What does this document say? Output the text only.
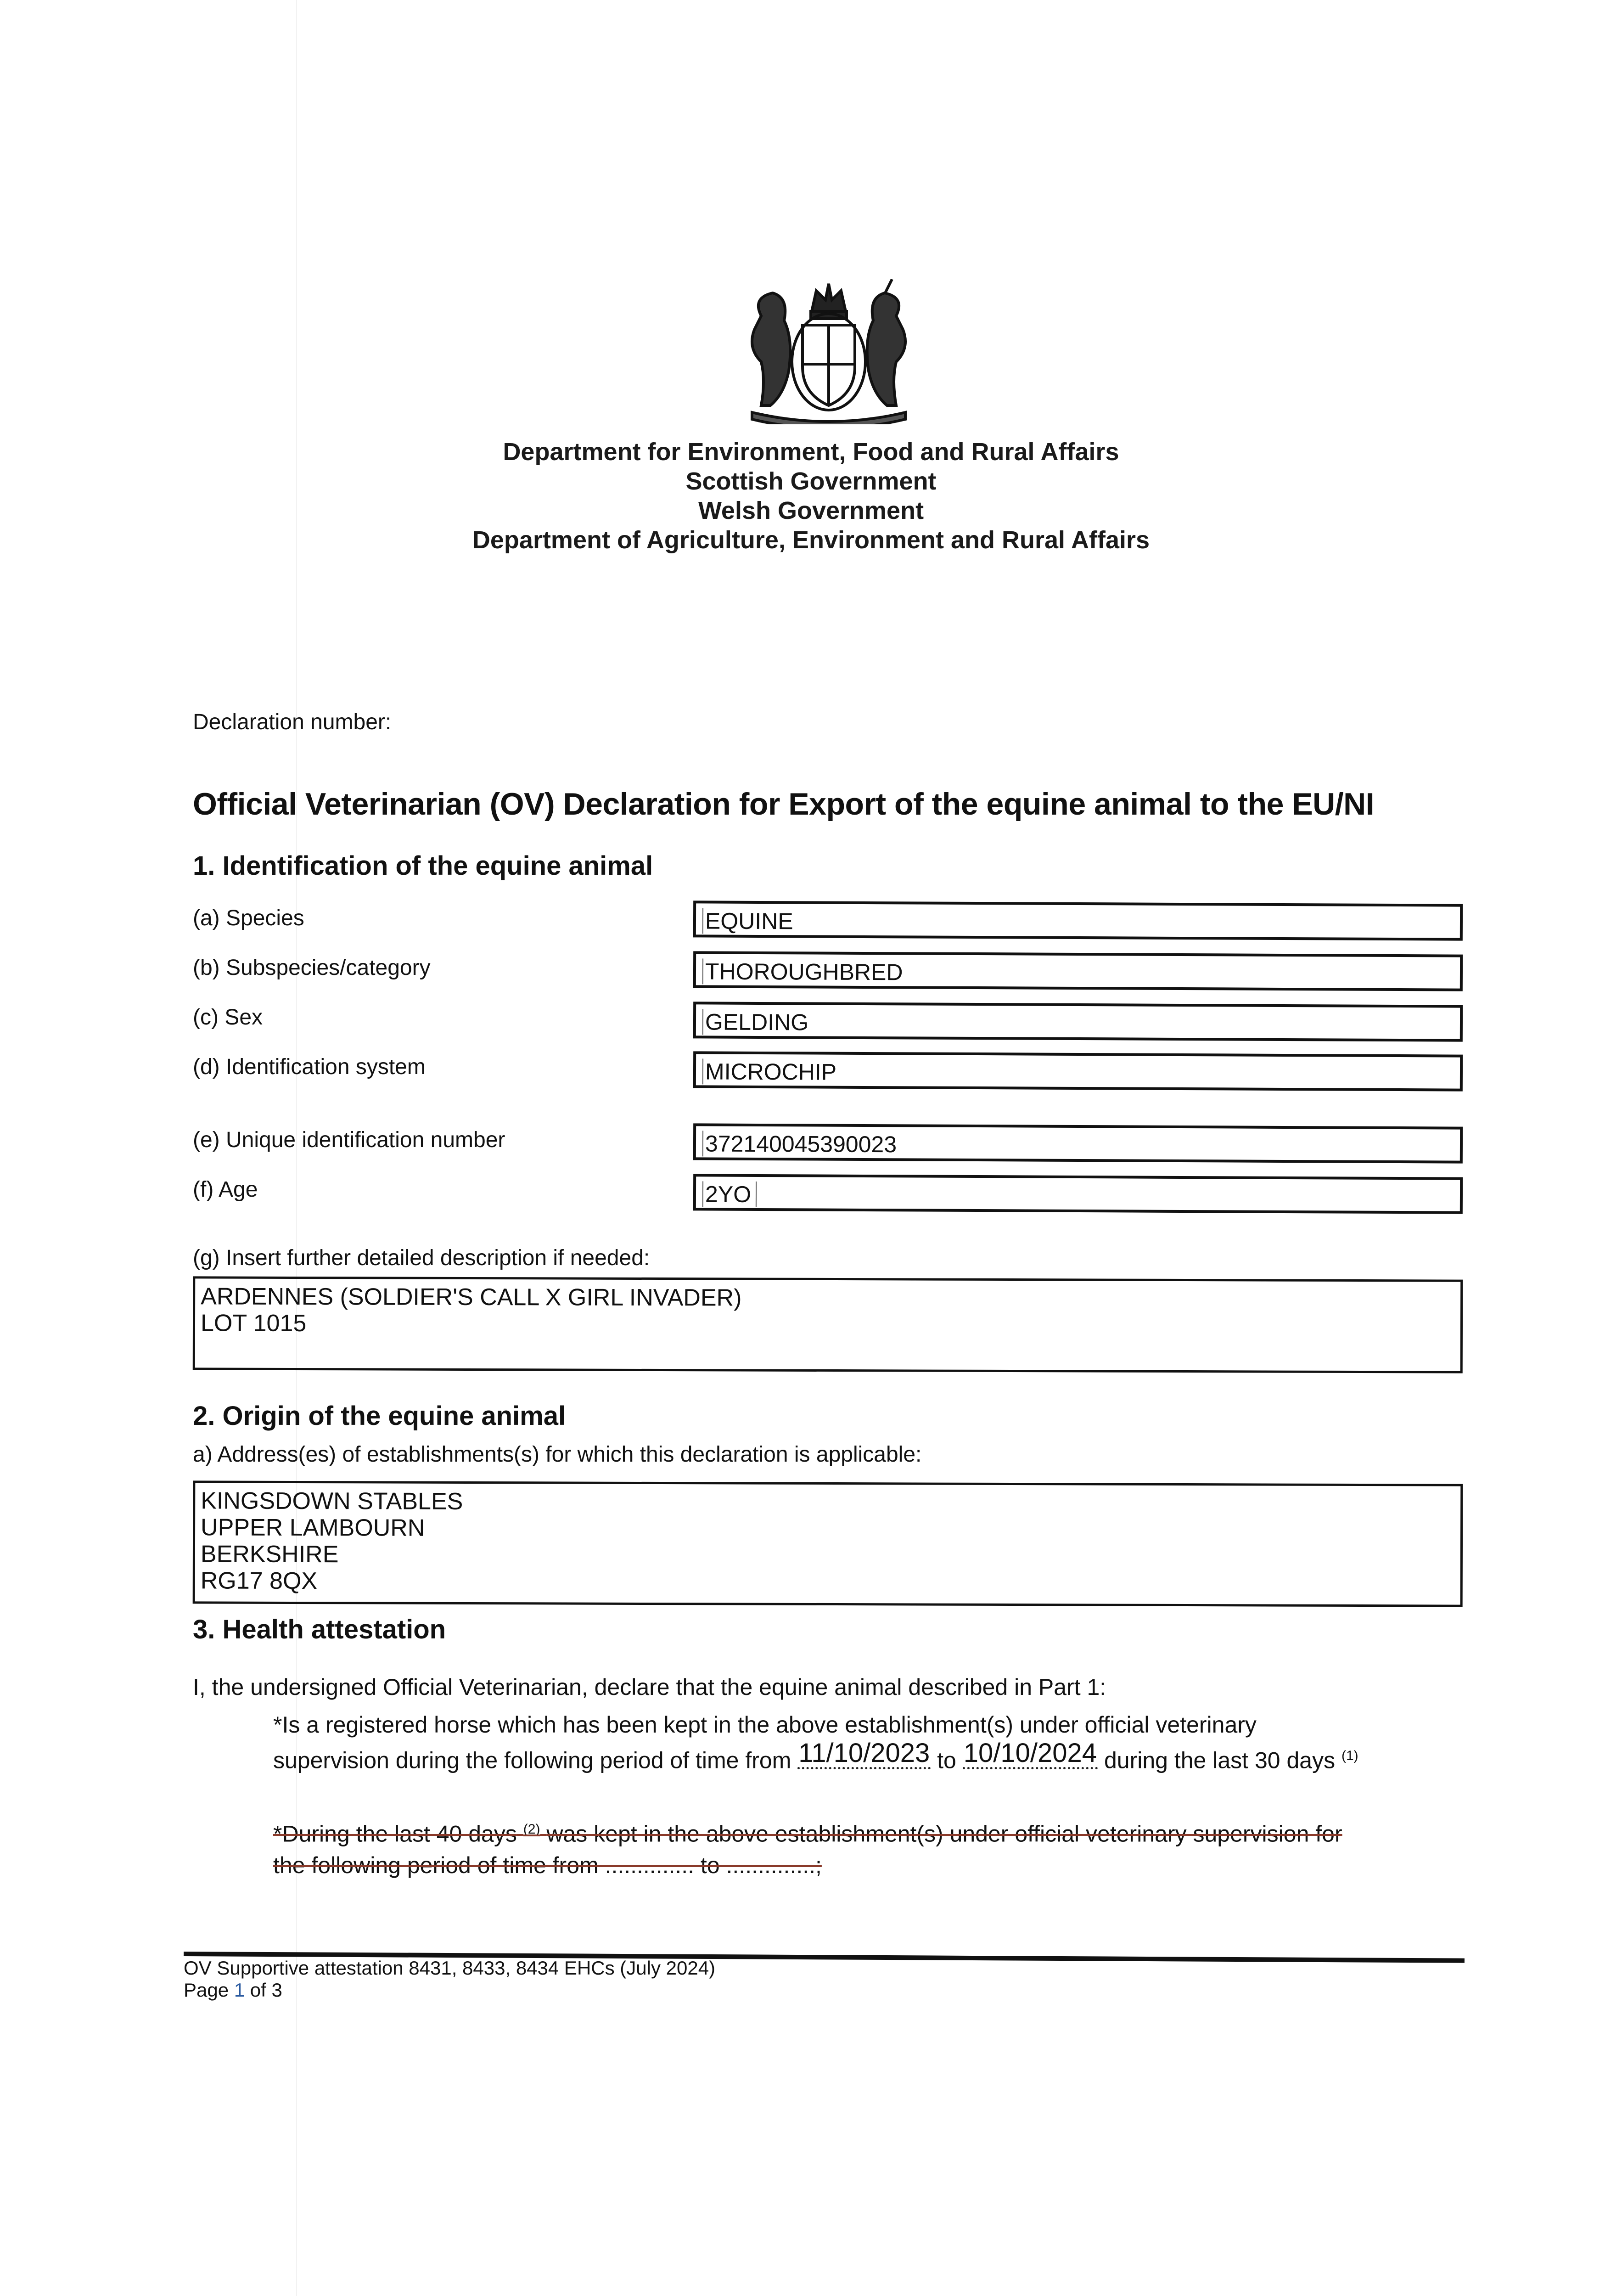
Department for Environment, Food and Rural Affairs
Scottish Government
Welsh Government
Department of Agriculture, Environment and Rural Affairs
Declaration number:
Official Veterinarian (OV) Declaration for Export of the equine animal to the EU/NI
1. Identification of the equine animal
(a) Species	EQUINE
(b) Subspecies/category	THOROUGHBRED
(c) Sex	GELDING
(d) Identification system	MICROCHIP
(e) Unique identification number	372140045390023
(f) Age	2YO
(g) Insert further detailed description if needed:
ARDENNES (SOLDIER'S CALL X GIRL INVADER)
LOT 1015
2. Origin of the equine animal
a) Address(es) of establishments(s) for which this declaration is applicable:
KINGSDOWN STABLES
UPPER LAMBOURN
BERKSHIRE
RG17 8QX
3. Health attestation
I, the undersigned Official Veterinarian, declare that the equine animal described in Part 1:
*Is a registered horse which has been kept in the above establishment(s) under official veterinary
supervision during the following period of time from 11/10/2023 to 10/10/2024 during the last 30 days $^{(1)}$
*During the last 40 days $^{(2)}$ was kept in the above establishment(s) under official veterinary supervision for
the following period of time from .............. to ..............;
OV Supportive attestation 8431, 8433, 8434 EHCs (July 2024)
Page 1 of 3
